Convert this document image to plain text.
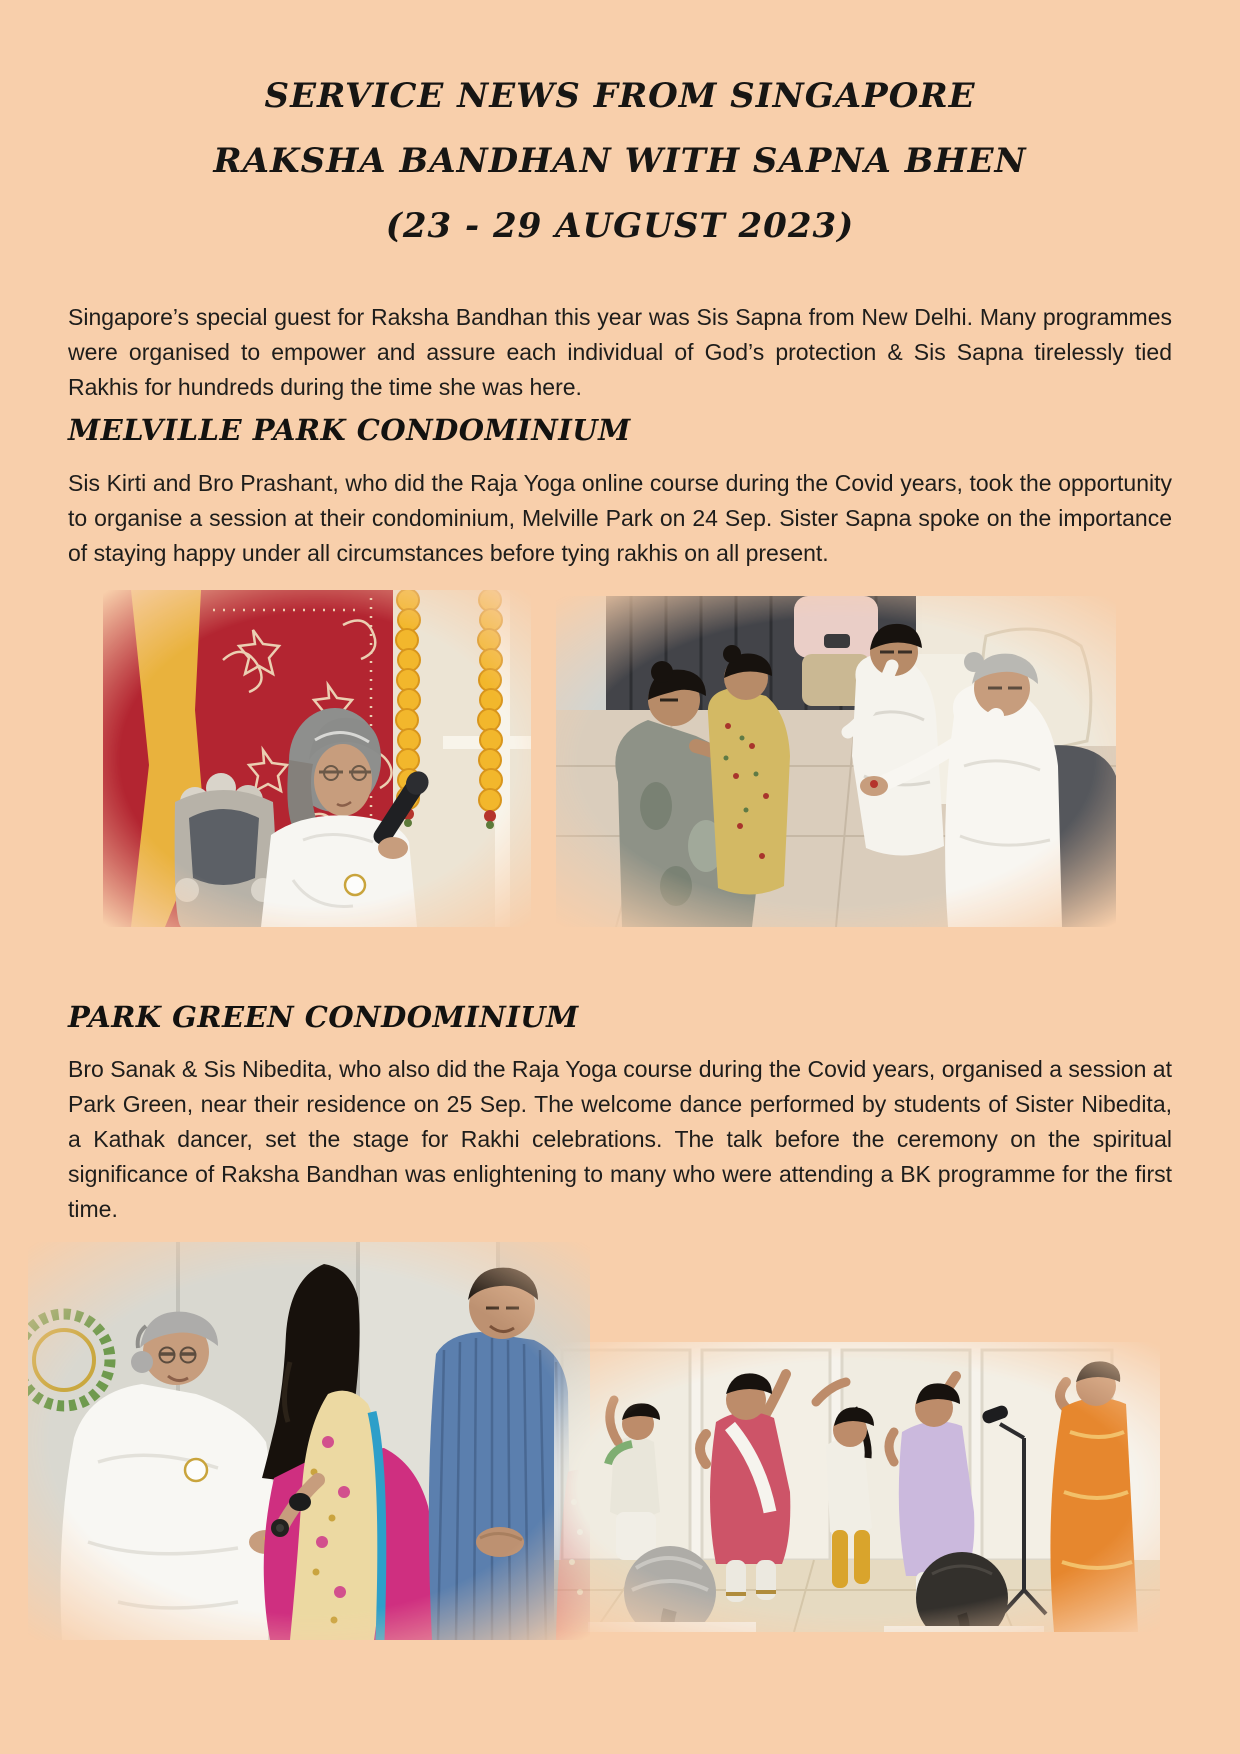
SERVICE NEWS FROM SINGAPORE
RAKSHA BANDHAN WITH SAPNA BHEN
(23 - 29 AUGUST 2023)

Singapore’s special guest for Raksha Bandhan this year was Sis Sapna from New Delhi. Many programmes were organised to empower and assure each individual of God’s protection & Sis Sapna tirelessly tied Rakhis for hundreds during the time she was here.

MELVILLE PARK CONDOMINIUM

Sis Kirti and Bro Prashant, who did the Raja Yoga online course during the Covid years, took the opportunity to organise a session at their condominium, Melville Park on 24 Sep. Sister Sapna spoke on the importance of staying happy under all circumstances before tying rakhis on all present.

PARK GREEN CONDOMINIUM

Bro Sanak & Sis Nibedita, who also did the Raja Yoga course during the Covid years, organised a session at Park Green, near their residence on 25 Sep. The welcome dance performed by students of Sister Nibedita, a Kathak dancer, set the stage for Rakhi celebrations. The talk before the ceremony on the spiritual significance of Raksha Bandhan was enlightening to many who were attending a BK programme for the first time.
